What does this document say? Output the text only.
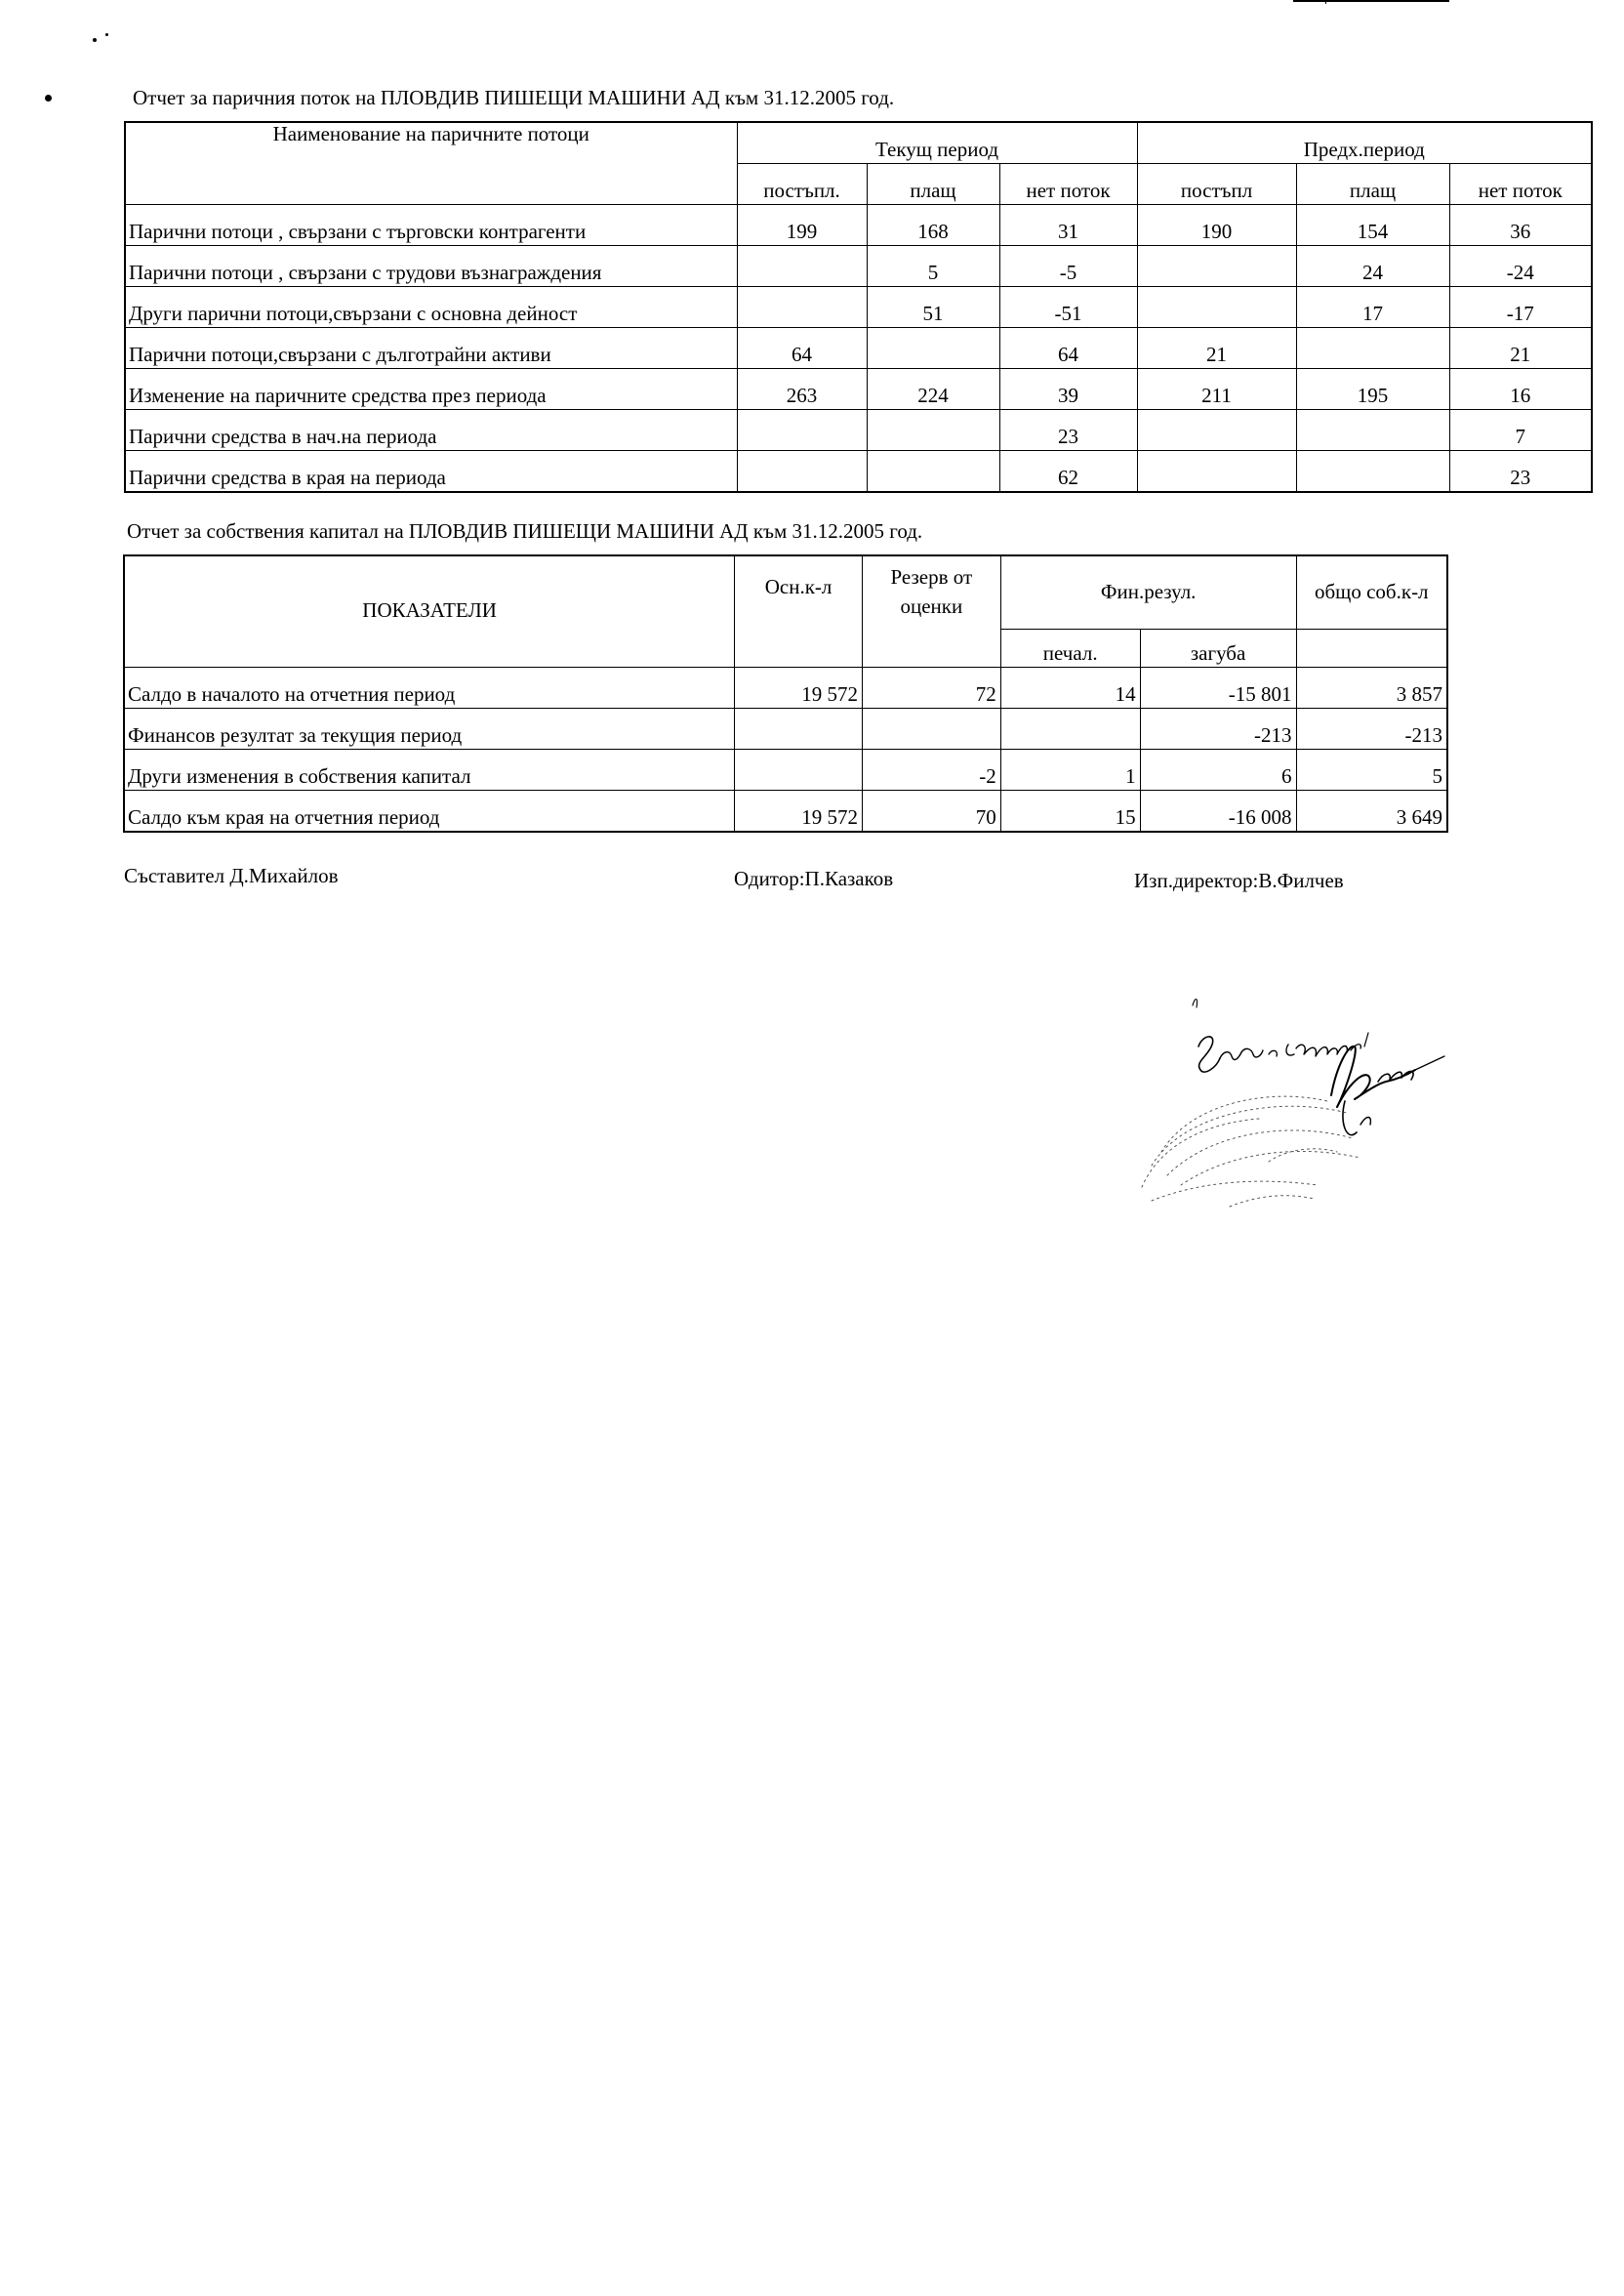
Отчет за паричния поток на ПЛОВДИВ ПИШЕЩИ МАШИНИ АД към 31.12.2005 год.
Наименование на паричните потоци	Текущ период			Предх.период		
	постъпл.	плащ	нет поток	постъпл	плащ	нет поток
Парични потоци , свързани с търговски контрагенти	199	168	31	190	154	36
Парични потоци , свързани с трудови възнаграждения		5	-5		24	-24
Други парични потоци,свързани с основна дейност		51	-51		17	-17
Парични потоци,свързани с дълготрайни активи	64		64	21		21
Изменение на паричните средства през периода	263	224	39	211	195	16
Парични средства в нач.на периода			23			7
Парични средства в края на периода			62			23
Отчет за собствения капитал на ПЛОВДИВ ПИШЕЩИ МАШИНИ АД към 31.12.2005 год.
ПОКАЗАТЕЛИ	Осн.к-л	Резерв от
оценки	Фин.резул.		общо соб.к-л
			печал.	загуба	
Салдо в началото на отчетния период	19 572	72	14	-15 801	3 857
Финансов резултат за текущия период				-213	-213
Други изменения в собствения капитал		-2	1	6	5
Салдо към края на отчетния период	19 572	70	15	-16 008	3 649
Съставител Д.Михайлов	Одитор:П.Казаков	Изп.директор:В.Филчев
